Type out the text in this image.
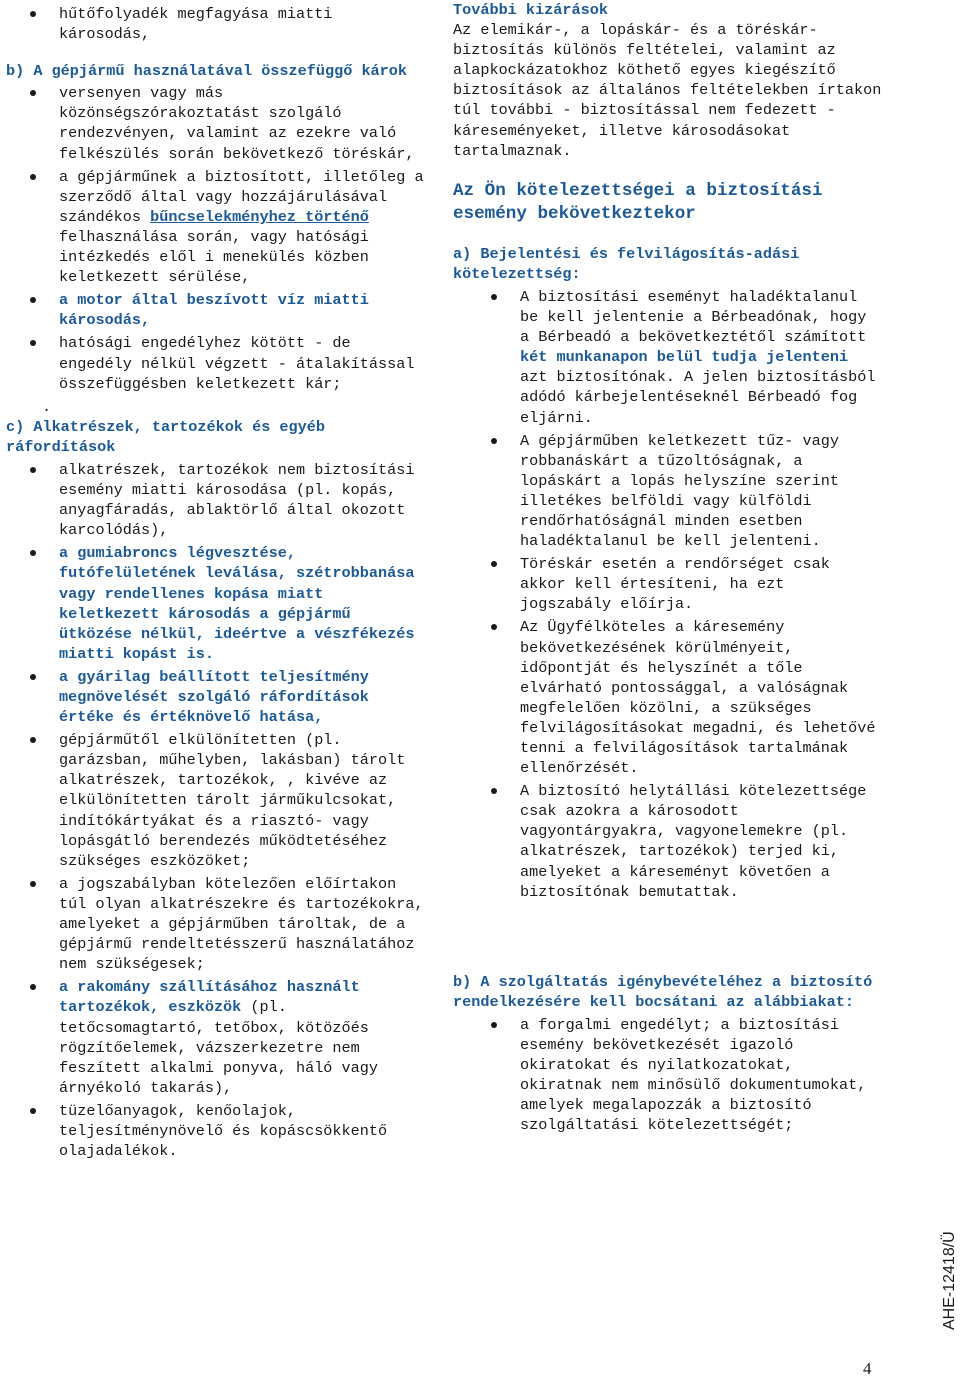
hűtőfolyadék megfagyása miatti károsodás,

b) A gépjármű használatával összefüggő károk

versenyen vagy más közönségszórakoztatást szolgáló rendezvényen, valamint az ezekre való felkészülés során bekövetkező töréskár,
a gépjárműnek a biztosított, illetőleg a szerződő által vagy hozzájárulásával szándékos bűncselekményhez történő felhasználása során, vagy hatósági intézkedés elől i menekülés közben keletkezett sérülése,
a motor által beszívott víz miatti károsodás,
hatósági engedélyhez kötött - de engedély nélkül végzett - átalakítással összefüggésben keletkezett kár;

.

c) Alkatrészek, tartozékok és egyéb ráfordítások

alkatrészek, tartozékok nem biztosítási esemény miatti károsodása (pl. kopás, anyagfáradás, ablaktörlő által okozott karcolódás),
a gumiabroncs légvesztése, futófelületének leválása, szétrobbanása vagy rendellenes kopása miatt keletkezett károsodás a gépjármű ütközése nélkül, ideértve a vészfékezés miatti kopást is.
a gyárilag beállított teljesítmény megnövelését szolgáló ráfordítások értéke és értéknövelő hatása,
gépjárműtől elkülönítetten (pl. garázsban, műhelyben, lakásban) tárolt alkatrészek, tartozékok, , kivéve az elkülönítetten tárolt járműkulcsokat, indítókártyákat és a riasztó- vagy lopásgátló berendezés működtetéséhez szükséges eszközöket;
a jogszabályban kötelezően előírtakon túl olyan alkatrészekre és tartozékokra, amelyeket a gépjárműben tároltak, de a gépjármű rendeltetésszerű használatához nem szükségesek;
a rakomány szállításához használt tartozékok, eszközök (pl. tetőcsomagtartó, tetőbox, kötözőés rögzítőelemek, vázszerkezetre nem feszített alkalmi ponyva, háló vagy árnyékoló takarás),
tüzelőanyagok, kenőolajok, teljesítménynövelő és kopáscsökkentő olajadalékok.

További kizárások

Az elemikár-, a lopáskár- és a töréskár-biztosítás különös feltételei, valamint az alapkockázatokhoz köthető egyes kiegészítő biztosítások az általános feltételekben írtakon túl további - biztosítással nem fedezett - káreseményeket, illetve károsodásokat tartalmaznak.

Az Ön kötelezettségei a biztosítási esemény bekövetkeztekor

a) Bejelentési és felvilágosítás-adási kötelezettség:

A biztosítási eseményt haladéktalanul be kell jelentenie a Bérbeadónak, hogy a Bérbeadó a bekövetkeztétől számított két munkanapon belül tudja jelenteni azt biztosítónak. A jelen biztosításból adódó kárbejelentéseknél Bérbeadó fog eljárni.
A gépjárműben keletkezett tűz- vagy robbanáskárt a tűzoltóságnak, a lopáskárt a lopás helyszíne szerint illetékes belföldi vagy külföldi rendőrhatóságnál minden esetben haladéktalanul be kell jelenteni.
Töréskár esetén a rendőrséget csak akkor kell értesíteni, ha ezt jogszabály előírja.
Az Ügyfélköteles a káresemény bekövetkezésének körülményeit, időpontját és helyszínét a tőle elvárható pontossággal, a valóságnak megfelelően közölni, a szükséges felvilágosításokat megadni, és lehetővé tenni a felvilágosítások tartalmának ellenőrzését.
A biztosító helytállási kötelezettsége csak azokra a károsodott vagyontárgyakra, vagyonelemekre (pl. alkatrészek, tartozékok) terjed ki, amelyeket a káreseményt követően a biztosítónak bemutattak.

b) A szolgáltatás igénybevételéhez a biztosító rendelkezésére kell bocsátani az alábbiakat:

a forgalmi engedélyt; a biztosítási esemény bekövetkezését igazoló okiratokat és nyilatkozatokat, okiratnak nem minősülő dokumentumokat, amelyek megalapozzák a biztosító szolgáltatási kötelezettségét;
AHE-12418/Ü
4
